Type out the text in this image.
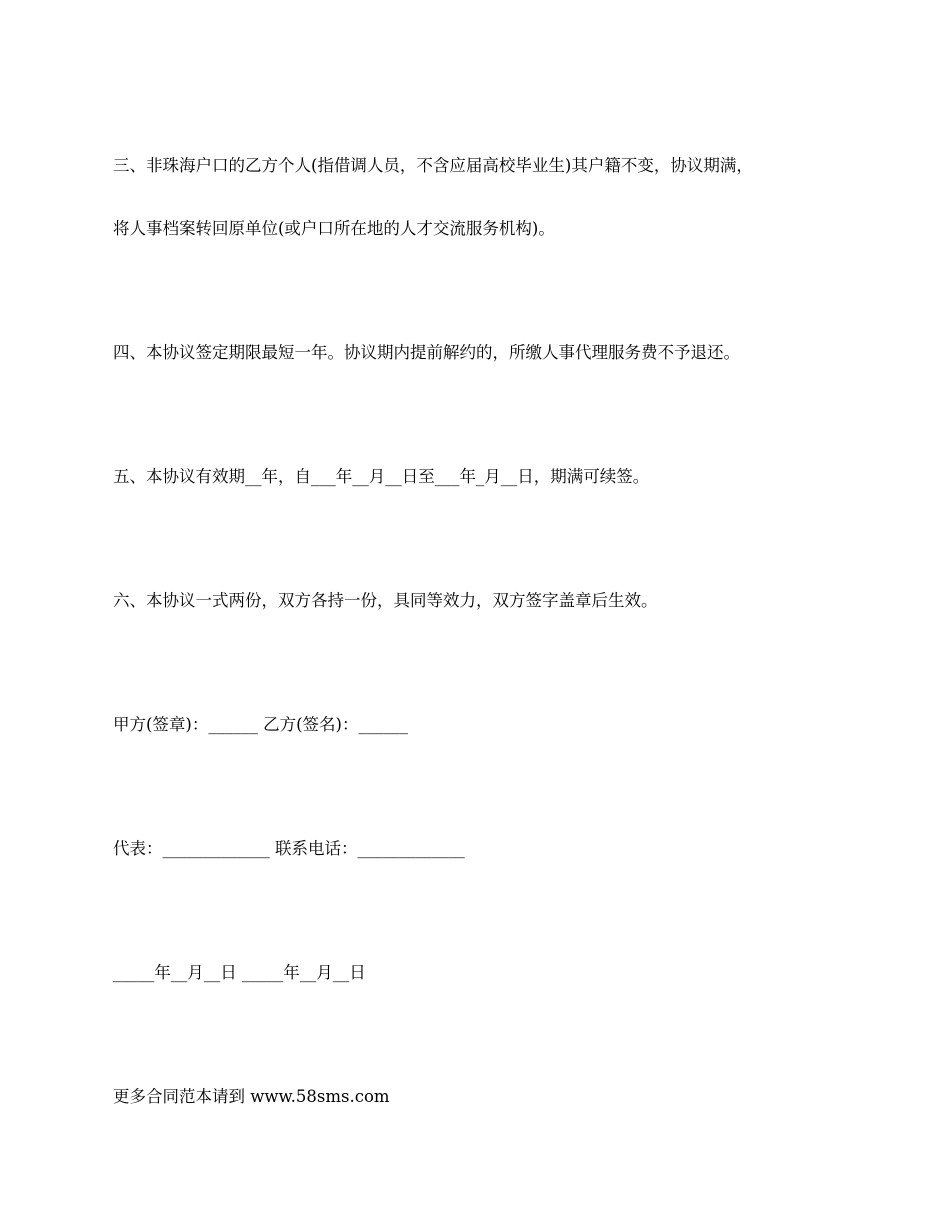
三、非珠海户口的乙方个人(指借调人员，不含应届高校毕业生)其户籍不变，协议期满，

将人事档案转回原单位(或户口所在地的人才交流服务机构)。

四、本协议签定期限最短一年。协议期内提前解约的，所缴人事代理服务费不予退还。

五、本协议有效期__年，自___年__月__日至___年_月__日，期满可续签。

六、本协议一式两份，双方各持一份，具同等效力，双方签字盖章后生效。

甲方(签章)：______ 乙方(签名)：______

代表：_____________ 联系电话：_____________

_____年__月__日 _____年__月__日

更多合同范本请到 www.58sms.com
